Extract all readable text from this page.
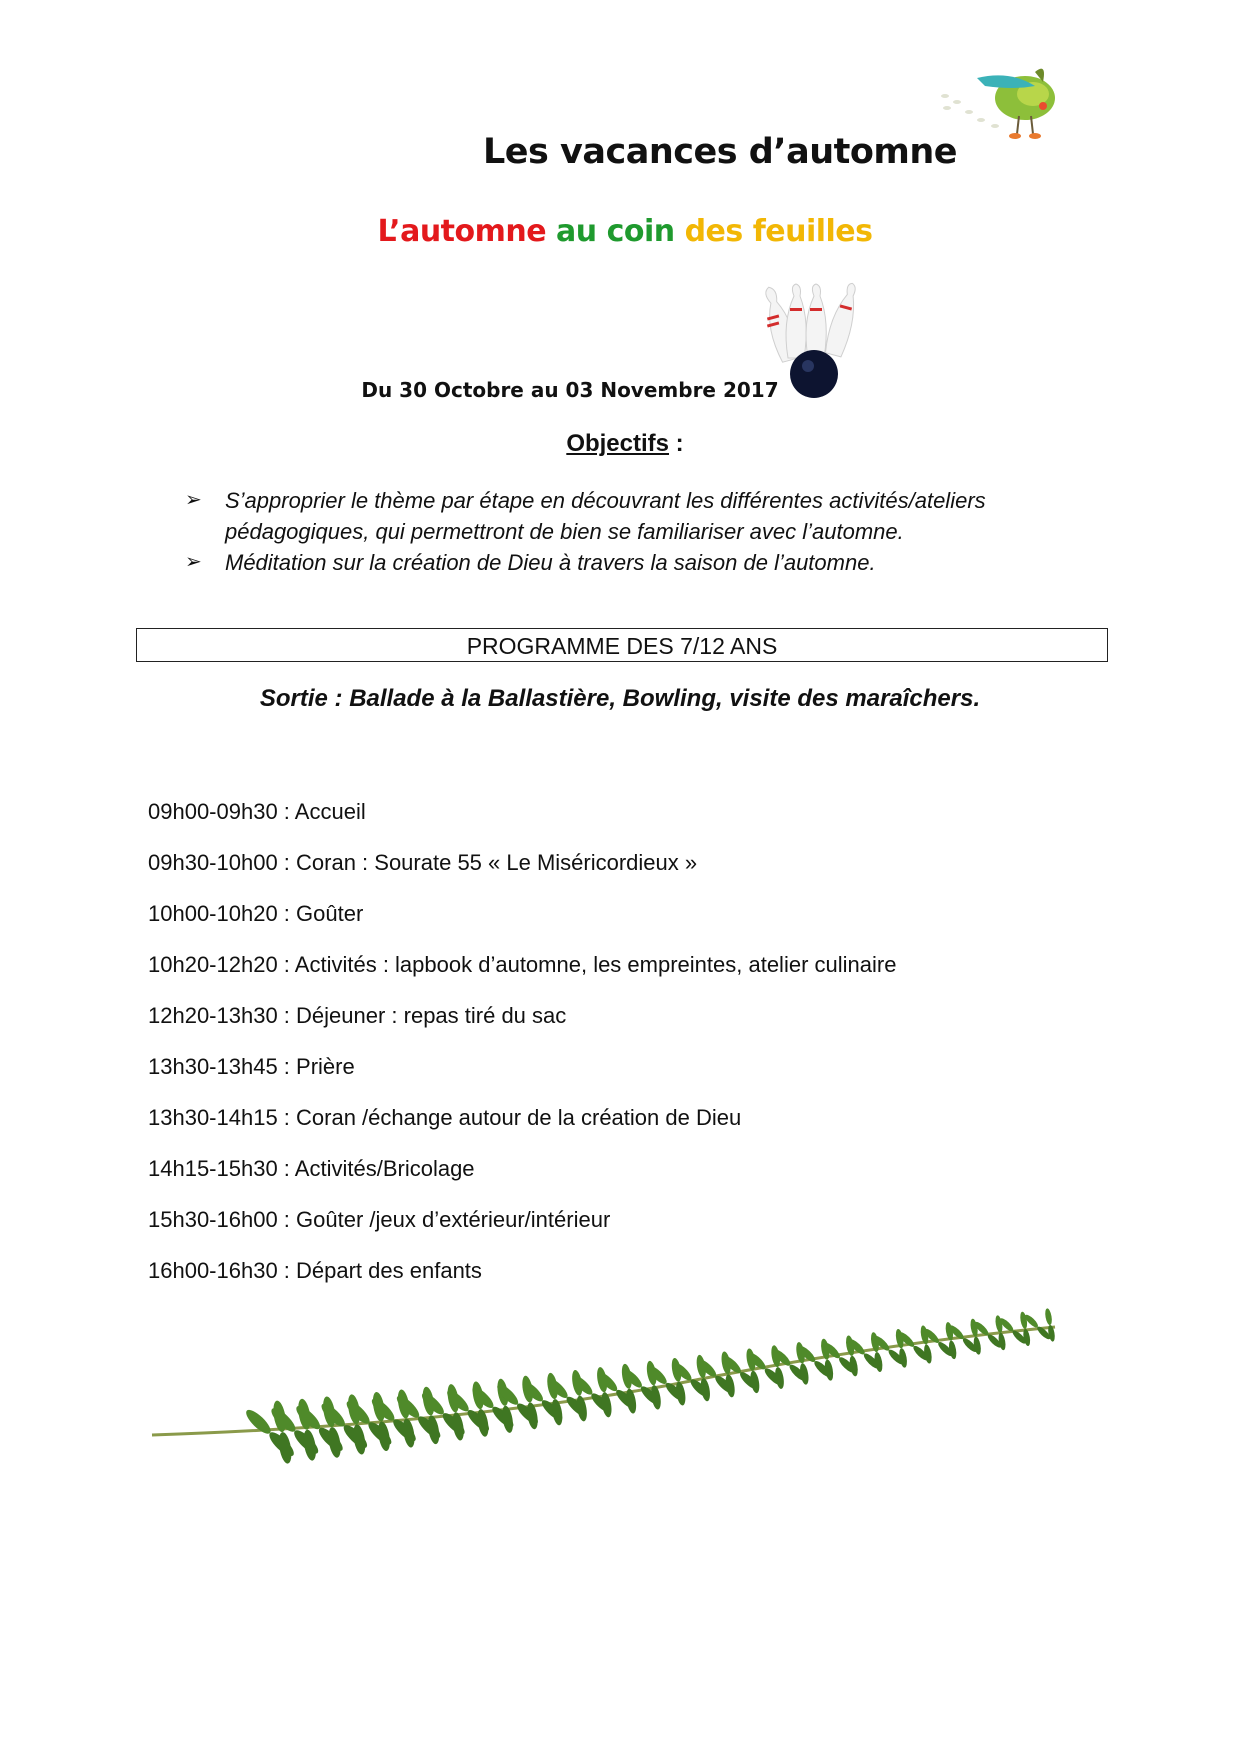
Les vacances d’automne
L’automne au coin des feuilles
Du 30 Octobre au 03 Novembre 2017
Objectifs :
➢ S’approprier le thème par étape en découvrant les différentes activités/ateliers pédagogiques, qui permettront de bien se familiariser avec l’automne.
➢ Méditation sur la création de Dieu à travers la saison de l’automne.
PROGRAMME DES 7/12 ANS
Sortie : Ballade à la Ballastière, Bowling, visite des maraîchers.
09h00-09h30 : Accueil
09h30-10h00 : Coran : Sourate 55 « Le Miséricordieux »
10h00-10h20 : Goûter
10h20-12h20 : Activités : lapbook d’automne, les empreintes, atelier culinaire
12h20-13h30 : Déjeuner : repas tiré du sac
13h30-13h45 : Prière
13h30-14h15 : Coran /échange autour de la création de Dieu
14h15-15h30 : Activités/Bricolage
15h30-16h00 : Goûter /jeux d’extérieur/intérieur
16h00-16h30 : Départ des enfants
